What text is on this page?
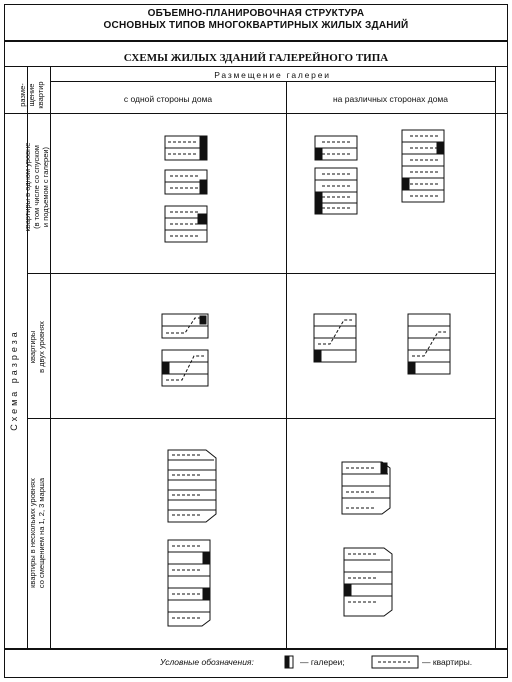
ОБЪЕМНО-ПЛАНИРОВОЧНАЯ СТРУКТУРА
ОСНОВНЫХ ТИПОВ МНОГОКВАРТИРНЫХ ЖИЛЫХ ЗДАНИЙ
СХЕМЫ ЖИЛЫХ ЗДАНИЙ ГАЛЕРЕЙНОГО ТИПА
разме- щение квартир
Размещение галереи
с одной стороны дома	на различных сторонах дома
Схема разреза
квартиры в одном уровне (в том числе со спуском и подъемом с галереи)
квартиры в двух уровнях
квартиры в нескольких уровнях со смещением на 1, 2, 3 марша
Условные обозначения:	— галереи;	— квартиры.
